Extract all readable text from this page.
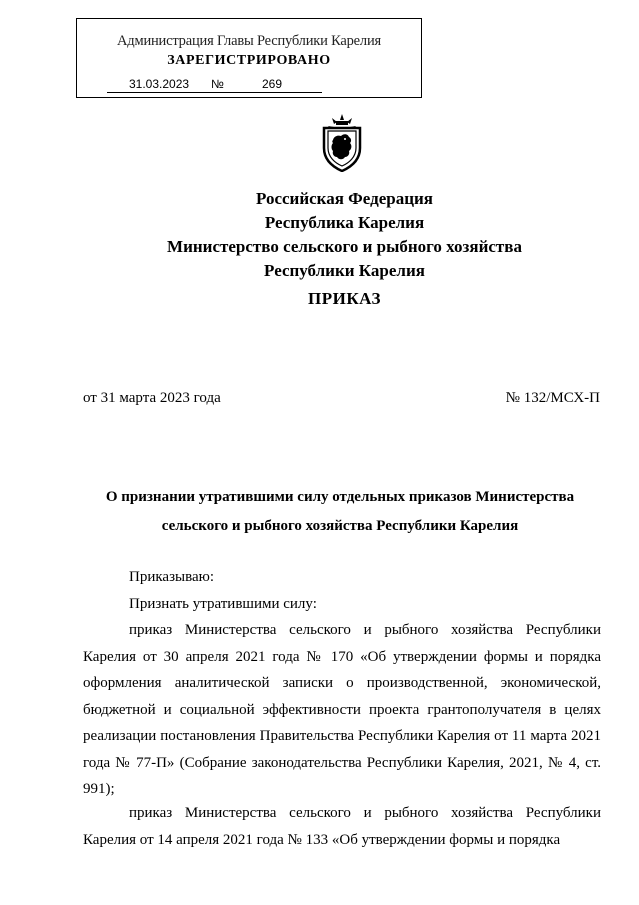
Администрация Главы Республики Карелия
ЗАРЕГИСТРИРОВАНО
31.03.2023 №	269
Российская Федерация
Республика Карелия
Министерство сельского и рыбного хозяйства
Республики Карелия
ПРИКАЗ
от 31 марта 2023 года	№ 132/МСХ-П
О признании утратившими силу отдельных приказов Министерства сельского и рыбного хозяйства Республики Карелия
Приказываю:
Признать утратившими силу:
приказ Министерства сельского и рыбного хозяйства Республики Карелия от 30 апреля 2021 года № 170 «Об утверждении формы и порядка оформления аналитической записки о производственной, экономической, бюджетной и социальной эффективности проекта грантополучателя в целях реализации постановления Правительства Республики Карелия от 11 марта 2021 года № 77-П» (Собрание законодательства Республики Карелия, 2021, № 4, ст. 991);
приказ Министерства сельского и рыбного хозяйства Республики Карелия от 14 апреля 2021 года № 133 «Об утверждении формы и порядка
